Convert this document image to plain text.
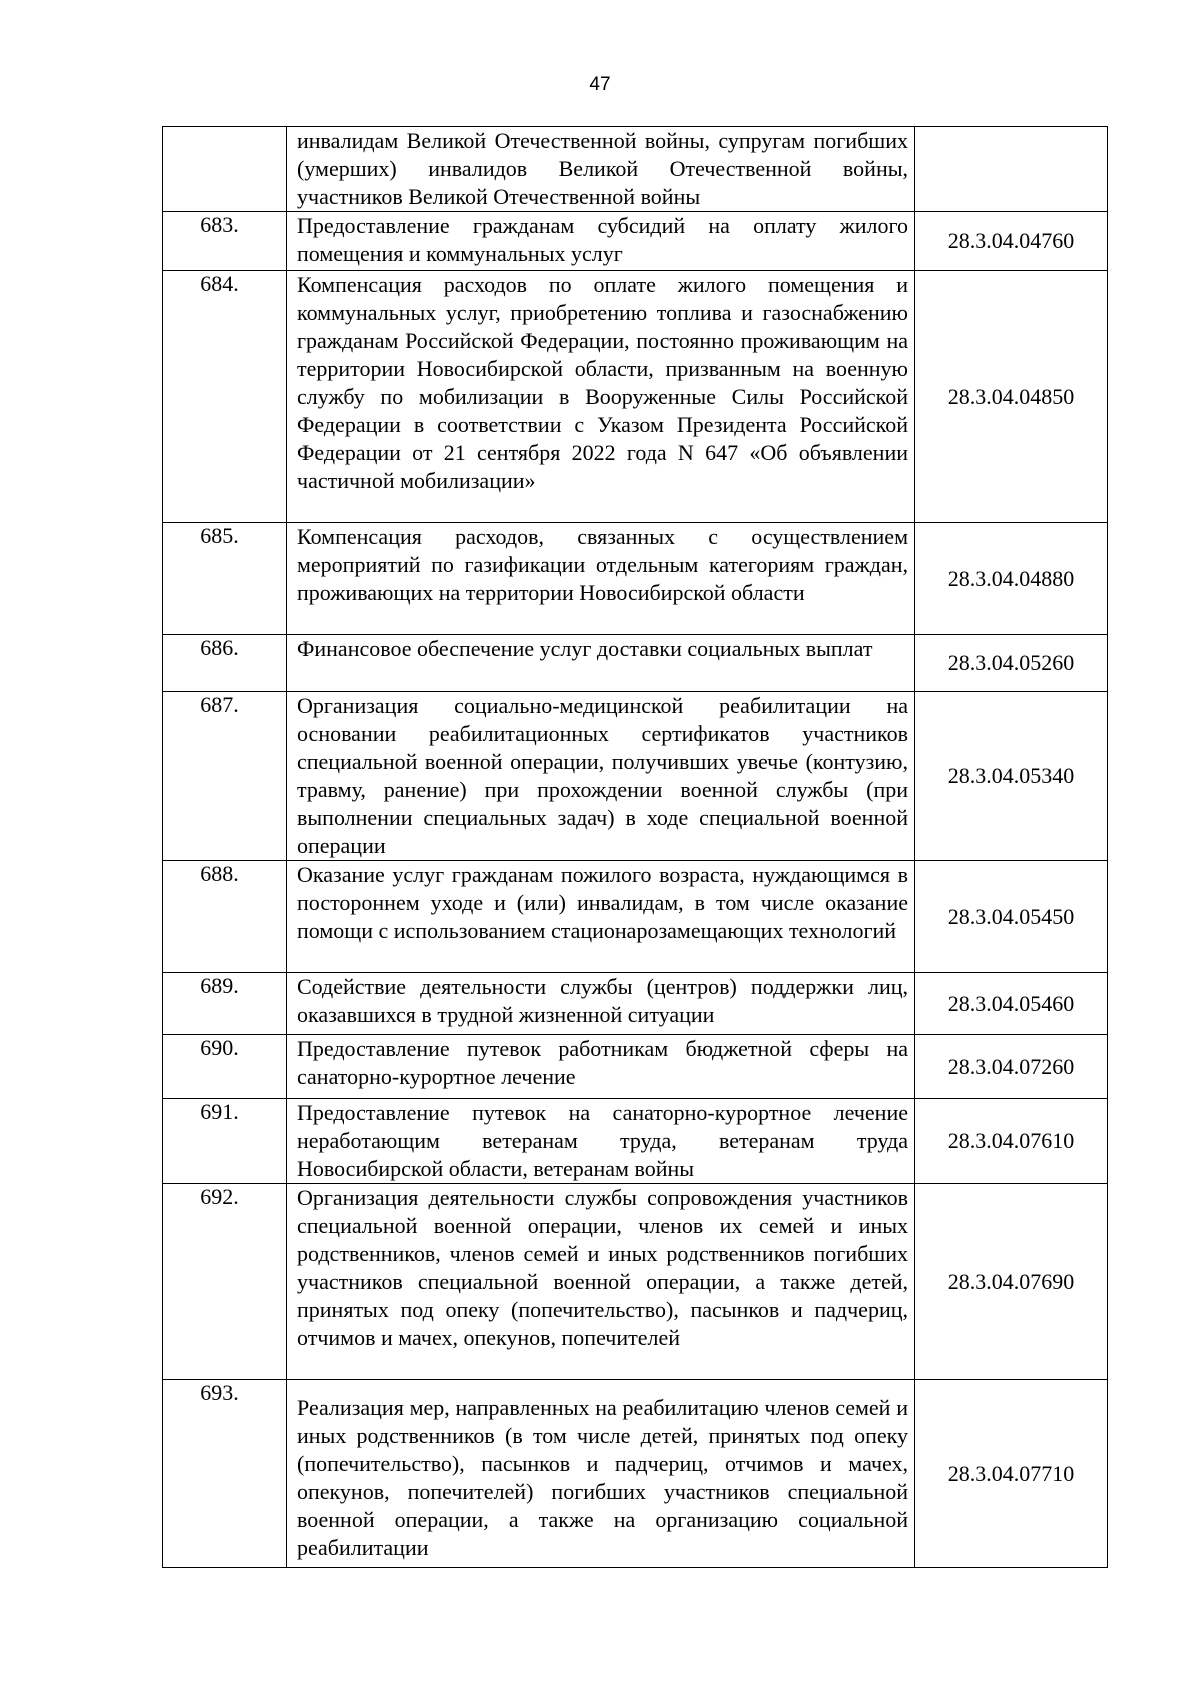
47
	инвалидам Великой Отечественной войны, супругам погибших (умерших) инвалидов Великой Отечественной войны, участников Великой Отечественной войны	
683.	Предоставление гражданам субсидий на оплату жилого помещения и коммунальных услуг	28.3.04.04760
684.	Компенсация расходов по оплате жилого помещения и коммунальных услуг, приобретению топлива и газоснабжению гражданам Российской Федерации, постоянно проживающим на территории Новосибирской области, призванным на военную службу по мобилизации в Вооруженные Силы Российской Федерации в соответствии с Указом Президента Российской Федерации от 21 сентября 2022 года N 647 «Об объявлении частичной мобилизации»	28.3.04.04850
685.	Компенсация расходов, связанных с осуществлением мероприятий по газификации отдельным категориям граждан, проживающих на территории Новосибирской области	28.3.04.04880
686.	Финансовое обеспечение услуг доставки социальных выплат	28.3.04.05260
687.	Организация социально-медицинской реабилитации на основании реабилитационных сертификатов участников специальной военной операции, получивших увечье (контузию, травму, ранение) при прохождении военной службы (при выполнении специальных задач) в ходе специальной военной операции	28.3.04.05340
688.	Оказание услуг гражданам пожилого возраста, нуждающимся в постороннем уходе и (или) инвалидам, в том числе оказание помощи с использованием стационарозамещающих технологий	28.3.04.05450
689.	Содействие деятельности службы (центров) поддержки лиц, оказавшихся в трудной жизненной ситуации	28.3.04.05460
690.	Предоставление путевок работникам бюджетной сферы на санаторно-курортное лечение	28.3.04.07260
691.	Предоставление путевок на санаторно-курортное лечение неработающим ветеранам труда, ветеранам труда Новосибирской области, ветеранам войны	28.3.04.07610
692.	Организация деятельности службы сопровождения участников специальной военной операции, членов их семей и иных родственников, членов семей и иных родственников погибших участников специальной военной операции, а также детей, принятых под опеку (попечительство), пасынков и падчериц, отчимов и мачех, опекунов, попечителей	28.3.04.07690
693.	Реализация мер, направленных на реабилитацию членов семей и иных родственников (в том числе детей, принятых под опеку (попечительство), пасынков и падчериц, отчимов и мачех, опекунов, попечителей) погибших участников специальной военной операции, а также на организацию социальной реабилитации	28.3.04.07710
